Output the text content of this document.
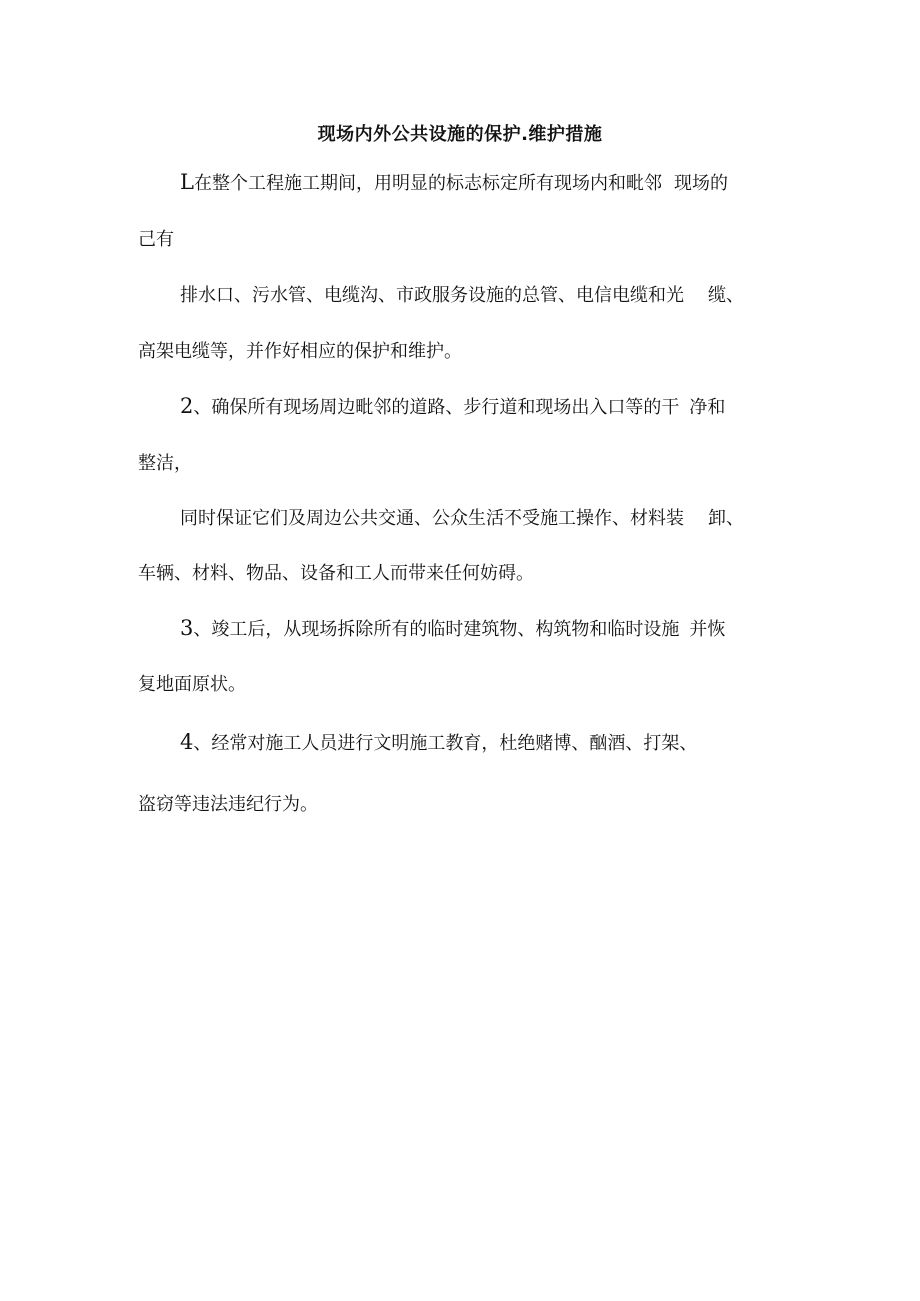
现场内外公共设施的保护.维护措施
L在整个工程施工期间，用明显的标志标定所有现场内和毗邻 现场的
己有
排水口、污水管、电缆沟、市政服务设施的总管、电信电缆和光 缆、
高架电缆等，并作好相应的保护和维护。
2、确保所有现场周边毗邻的道路、步行道和现场出入口等的干 净和
整洁，
同时保证它们及周边公共交通、公众生活不受施工操作、材料装 卸、
车辆、材料、物品、设备和工人而带来任何妨碍。
3、竣工后，从现场拆除所有的临时建筑物、构筑物和临时设施 并恢
复地面原状。
4、经常对施工人员进行文明施工教育，杜绝赌博、酗酒、打架、
盗窃等违法违纪行为。
